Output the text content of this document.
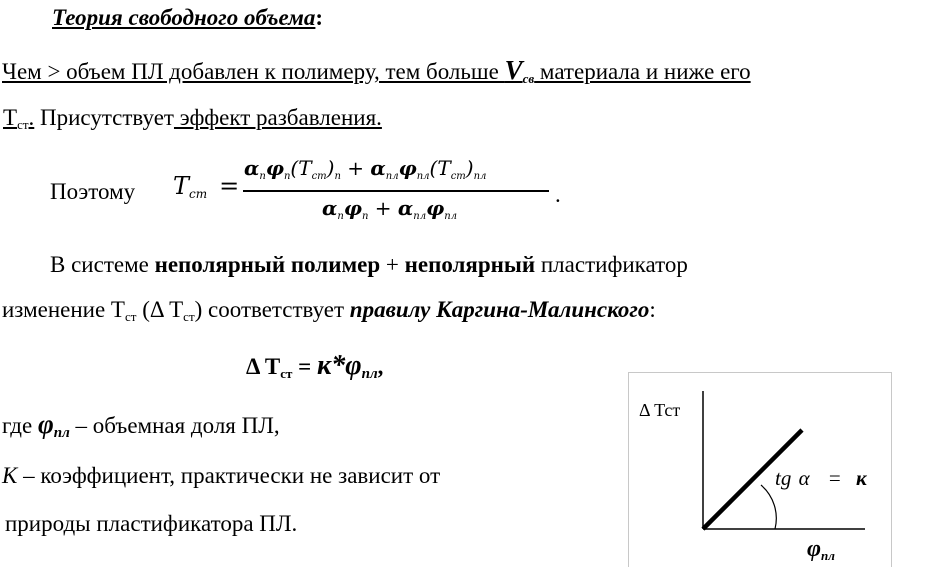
Теория свободного объема:
Чем > объем ПЛ добавлен к полимеру, тем больше $V_{св}$ материала и ниже его
$Т_{ст}$. Присутствует эффект разбавления.
Поэтому $T_{cm}$ =
$\alpha_п\varphi_п(T_{cm})_п + \alpha_{пл}\varphi_{пл}(T_{cm})_{пл}$
$\alpha_п\varphi_п + \alpha_{пл}\varphi_{пл}$
.
В системе неполярный полимер + неполярный пластификатор
изменение $Т_{ст}$ (Δ $Т_{ст}$) соответствует правилу Каргина-Малинского:
Δ $Т_{ст} = к*\varphi_{пл}$,
где $\varphi_{пл}$ – объемная доля ПЛ,
K – коэффициент, практически не зависит от
природы пластификатора ПЛ.
Δ Тст
tg α = к
$\varphi_{пл}$
